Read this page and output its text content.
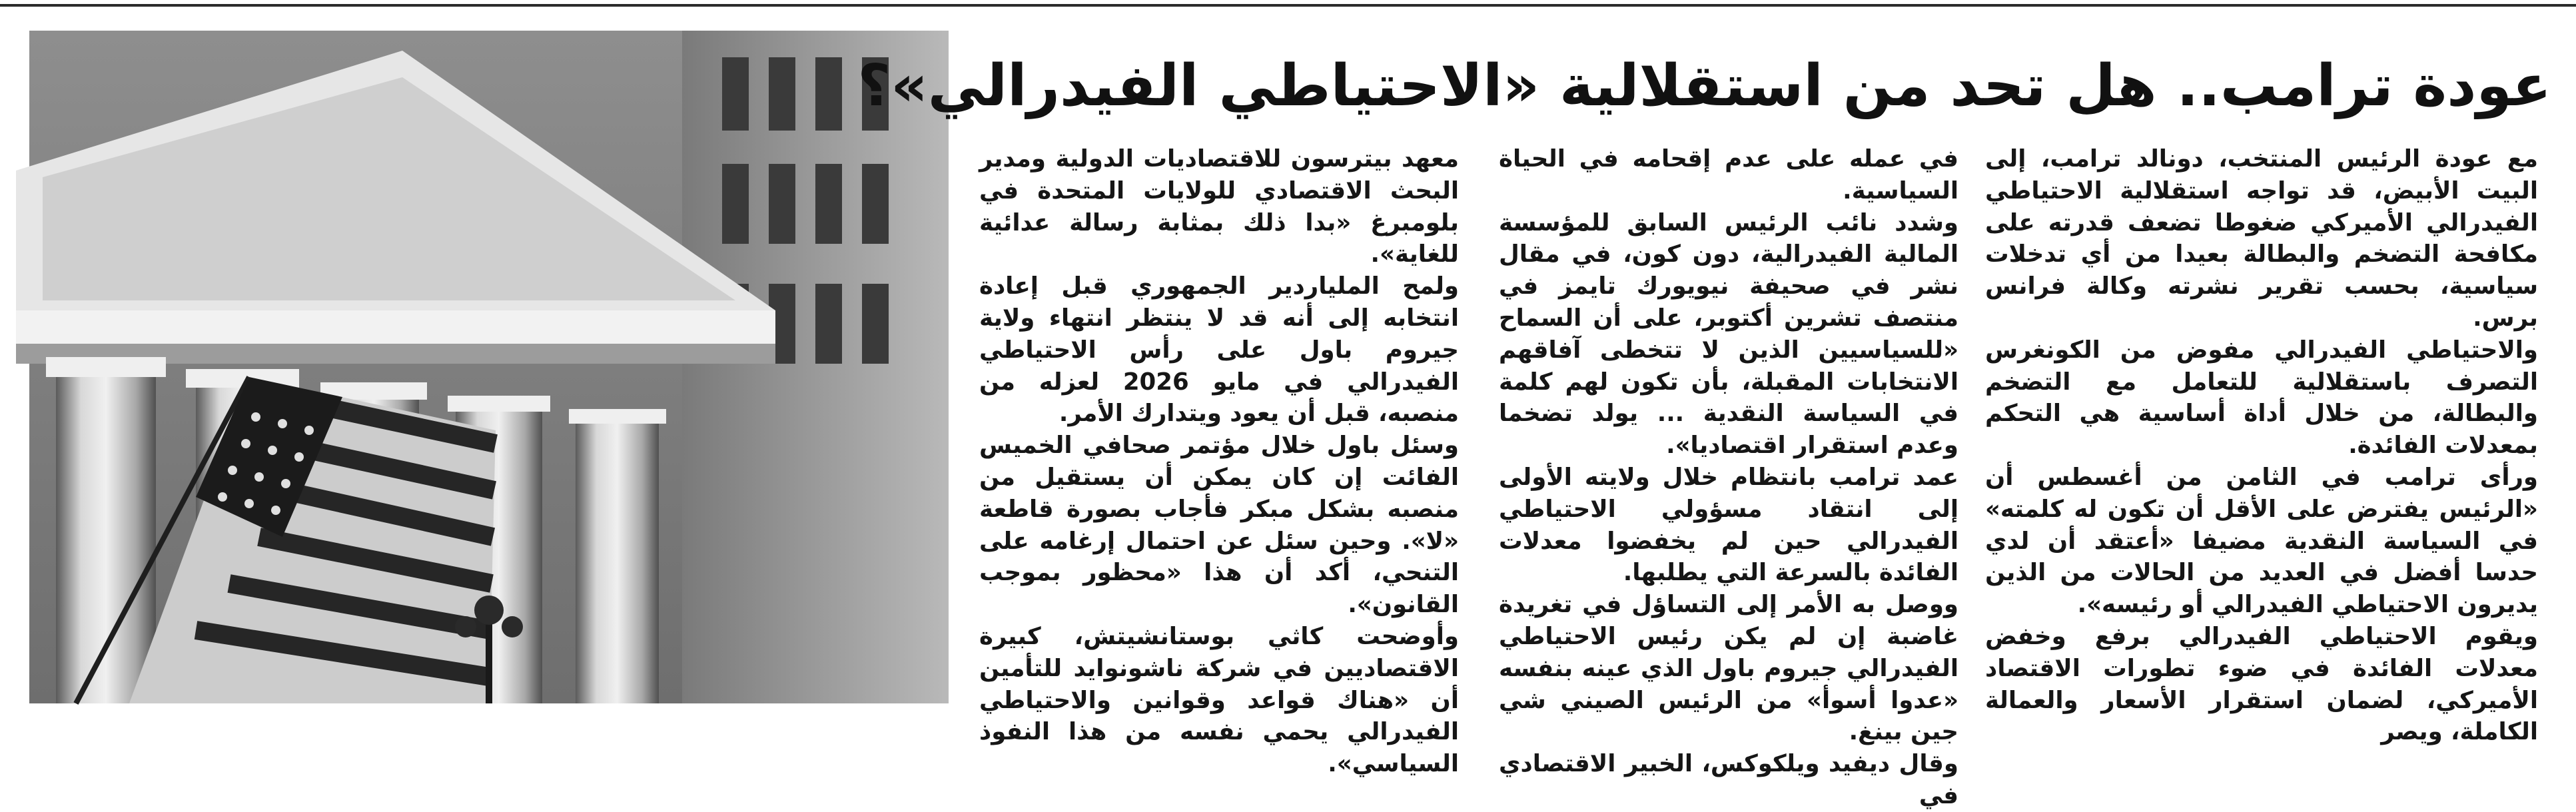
عودة ترامب.. هل تحد من استقلالية «الاحتياطي الفيدرالي»؟

مع عودة الرئيس المنتخب، دونالد ترامب، إلى البيت الأبيض، قد تواجه استقلالية الاحتياطي الفيدرالي الأميركي ضغوطا تضعف قدرته على مكافحة التضخم والبطالة بعيدا من أي تدخلات سياسية، بحسب تقرير نشرته وكالة فرانس برس.

والاحتياطي الفيدرالي مفوض من الكونغرس التصرف باستقلالية للتعامل مع التضخم والبطالة، من خلال أداة أساسية هي التحكم بمعدلات الفائدة.

ورأى ترامب في الثامن من أغسطس أن «الرئيس يفترض على الأقل أن تكون له كلمته» في السياسة النقدية مضيفا «أعتقد أن لدي حدسا أفضل في العديد من الحالات من الذين يديرون الاحتياطي الفيدرالي أو رئيسه».

ويقوم الاحتياطي الفيدرالي برفع وخفض معدلات الفائدة في ضوء تطورات الاقتصاد الأميركي، لضمان استقرار الأسعار والعمالة الكاملة، ويصر

في عمله على عدم إقحامه في الحياة السياسية.

وشدد نائب الرئيس السابق للمؤسسة المالية الفيدرالية، دون كون، في مقال نشر في صحيفة نيويورك تايمز في منتصف تشرين أكتوبر، على أن السماح «للسياسيين الذين لا تتخطى آفاقهم الانتخابات المقبلة، بأن تكون لهم كلمة في السياسة النقدية ... يولد تضخما وعدم استقرار اقتصاديا».

عمد ترامب بانتظام خلال ولايته الأولى إلى انتقاد مسؤولي الاحتياطي الفيدرالي حين لم يخفضوا معدلات الفائدة بالسرعة التي يطلبها.

ووصل به الأمر إلى التساؤل في تغريدة غاضبة إن لم يكن رئيس الاحتياطي الفيدرالي جيروم باول الذي عينه بنفسه «عدوا أسوأ» من الرئيس الصيني شي جين بينغ.

وقال ديفيد ويلكوكس، الخبير الاقتصادي في

معهد بيترسون للاقتصاديات الدولية ومدير البحث الاقتصادي للولايات المتحدة في بلومبرغ «بدا ذلك بمثابة رسالة عدائية للغاية».

ولمح الملياردير الجمهوري قبل إعادة انتخابه إلى أنه قد لا ينتظر انتهاء ولاية جيروم باول على رأس الاحتياطي الفيدرالي في مايو 2026 لعزله من منصبه، قبل أن يعود ويتدارك الأمر.

وسئل باول خلال مؤتمر صحافي الخميس الفائت إن كان يمكن أن يستقيل من منصبه بشكل مبكر فأجاب بصورة قاطعة «لا». وحين سئل عن احتمال إرغامه على التنحي، أكد أن هذا «محظور بموجب القانون».

وأوضحت كاثي بوستانشيتش، كبيرة الاقتصاديين في شركة ناشونوايد للتأمين أن «هناك قواعد وقوانين والاحتياطي الفيدرالي يحمي نفسه من هذا النفوذ السياسي».
